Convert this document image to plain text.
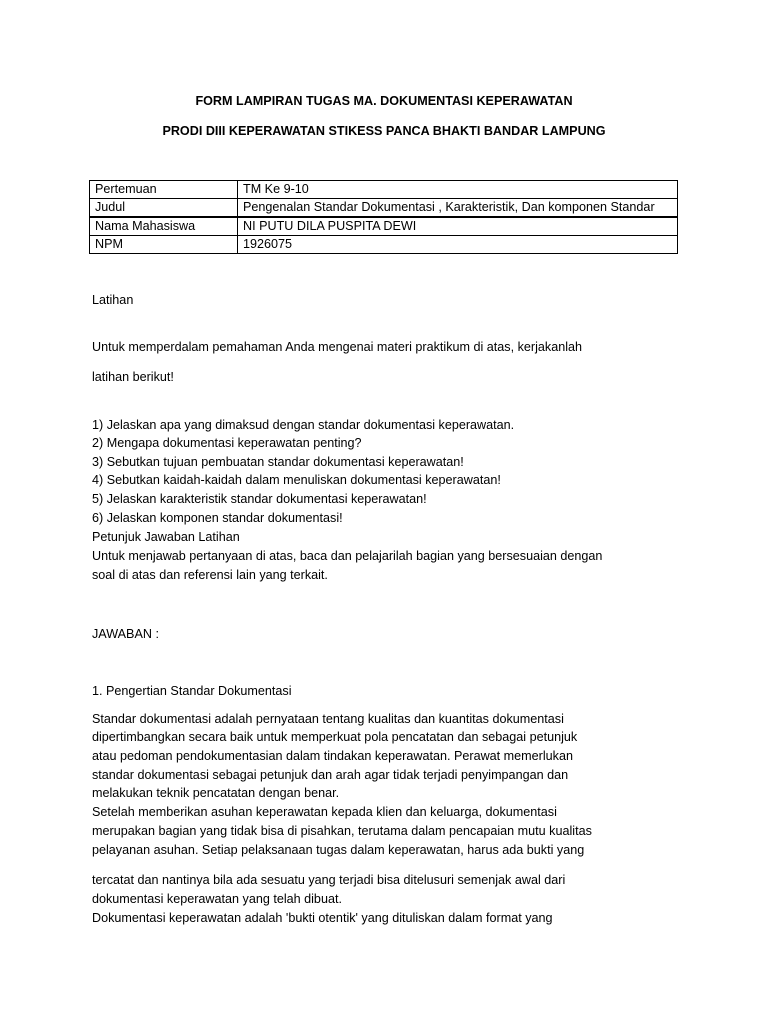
FORM LAMPIRAN TUGAS MA. DOKUMENTASI KEPERAWATAN
PRODI DIII KEPERAWATAN STIKESS PANCA BHAKTI BANDAR LAMPUNG
Pertemuan	TM Ke 9-10
Judul	Pengenalan Standar Dokumentasi , Karakteristik, Dan komponen Standar
Nama Mahasiswa	NI PUTU DILA PUSPITA DEWI
NPM	1926075
Latihan
Untuk memperdalam pemahaman Anda mengenai materi praktikum di atas, kerjakanlah
latihan berikut!
1) Jelaskan apa yang dimaksud dengan standar dokumentasi keperawatan.
2) Mengapa dokumentasi keperawatan penting?
3) Sebutkan tujuan pembuatan standar dokumentasi keperawatan!
4) Sebutkan kaidah-kaidah dalam menuliskan dokumentasi keperawatan!
5) Jelaskan karakteristik standar dokumentasi keperawatan!
6) Jelaskan komponen standar dokumentasi!
Petunjuk Jawaban Latihan
Untuk menjawab pertanyaan di atas, baca dan pelajarilah bagian yang bersesuaian dengan
soal di atas dan referensi lain yang terkait.
JAWABAN :
1. Pengertian Standar Dokumentasi
Standar dokumentasi adalah pernyataan tentang kualitas dan kuantitas dokumentasi
dipertimbangkan secara baik untuk memperkuat pola pencatatan dan sebagai petunjuk
atau pedoman pendokumentasian dalam tindakan keperawatan. Perawat memerlukan
standar dokumentasi sebagai petunjuk dan arah agar tidak terjadi penyimpangan dan
melakukan teknik pencatatan dengan benar.
Setelah memberikan asuhan keperawatan kepada klien dan keluarga, dokumentasi
merupakan bagian yang tidak bisa di pisahkan, terutama dalam pencapaian mutu kualitas
pelayanan asuhan. Setiap pelaksanaan tugas dalam keperawatan, harus ada bukti yang
tercatat dan nantinya bila ada sesuatu yang terjadi bisa ditelusuri semenjak awal dari
dokumentasi keperawatan yang telah dibuat.
Dokumentasi keperawatan adalah 'bukti otentik' yang dituliskan dalam format yang
